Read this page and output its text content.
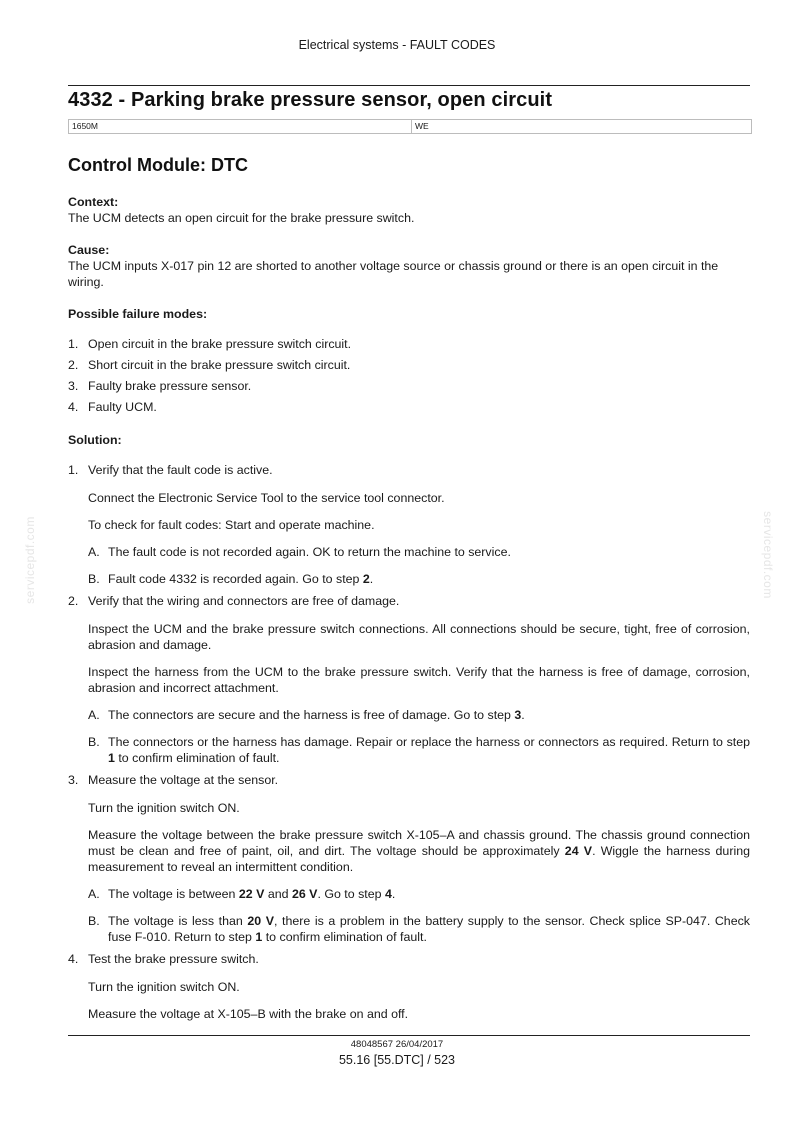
Electrical systems - FAULT CODES
4332 - Parking brake pressure sensor, open circuit
1650M	WE
Control Module: DTC

Context:

The UCM detects an open circuit for the brake pressure switch.

Cause:

The UCM inputs X-017 pin 12 are shorted to another voltage source or chassis ground or there is an open circuit in the wiring.

Possible failure modes:

1. Open circuit in the brake pressure switch circuit.
2. Short circuit in the brake pressure switch circuit.
3. Faulty brake pressure sensor.
4. Faulty UCM.

Solution:

1. Verify that the fault code is active.

Connect the Electronic Service Tool to the service tool connector.

To check for fault codes: Start and operate machine.

A. The fault code is not recorded again. OK to return the machine to service.
B. Fault code 4332 is recorded again. Go to step 2.
2. Verify that the wiring and connectors are free of damage.

Inspect the UCM and the brake pressure switch connections. All connections should be secure, tight, free of corrosion, abrasion and damage.

Inspect the harness from the UCM to the brake pressure switch. Verify that the harness is free of damage, corrosion, abrasion and incorrect attachment.

A. The connectors are secure and the harness is free of damage. Go to step 3.
B. The connectors or the harness has damage. Repair or replace the harness or connectors as required. Return to step 1 to confirm elimination of fault.
3. Measure the voltage at the sensor.

Turn the ignition switch ON.

Measure the voltage between the brake pressure switch X-105–A and chassis ground. The chassis ground connection must be clean and free of paint, oil, and dirt. The voltage should be approximately 24 V. Wiggle the harness during measurement to reveal an intermittent condition.

A. The voltage is between 22 V and 26 V. Go to step 4.
B. The voltage is less than 20 V, there is a problem in the battery supply to the sensor. Check splice SP-047. Check fuse F-010. Return to step 1 to confirm elimination of fault.
4. Test the brake pressure switch.

Turn the ignition switch ON.

Measure the voltage at X-105–B with the brake on and off.

servicepdf.com	servicepdf.com
48048567 26/04/2017
55.16 [55.DTC] / 523
